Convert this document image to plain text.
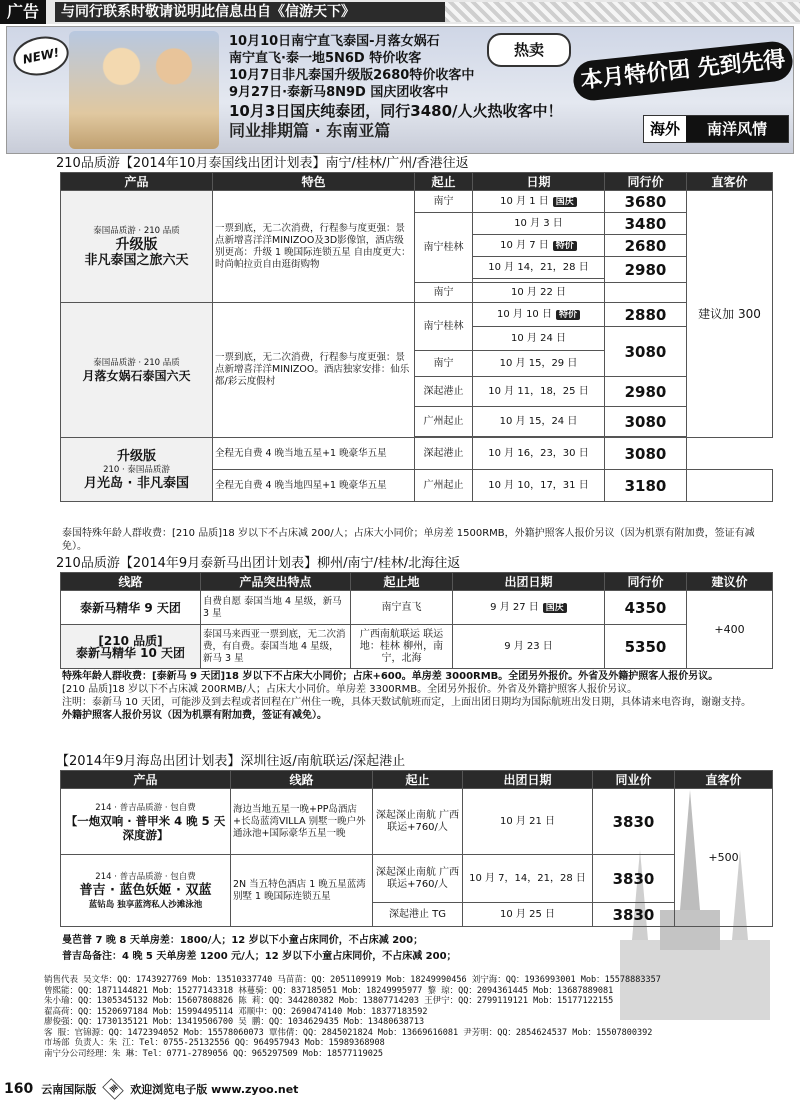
广告	与同行联系时敬请说明此信息出自《信游天下》
NEW!
10月10日南宁直飞泰国-月落女娲石
南宁直飞·泰一地5N6D 特价收客
10月7日非凡泰国升级版2680特价收客中
9月27日·泰新马8N9D 国庆团收客中
10月3日国庆纯泰团，同行3480/人火热收客中！
同业排期篇 · 东南亚篇
热卖	本月特价团 先到先得
海外	南洋风情
210品质游【2014年10月泰国线出团计划表】南宁/桂林/广州/香港往返
产品	特色	起止	日期	同行价	直客价

泰国品质游 · 210 品质
升级版
非凡泰国之旅六天	一票到底，无二次消费，行程参与度更强：景点新增喜洋洋MINIZOO及3D影像馆，酒店级别更高：升级 1 晚国际连锁五星 自由度更大：时尚帕拉贡自由逛街购物	南宁	10 月 1 日 国庆	3680	建议加 300
		南宁桂林	10 月 3 日	3480	
			10 月 7 日 特价	2680	
			10 月 14，21，28 日	2980	

		南宁	10 月 22 日		

泰国品质游 · 210 品质
月落女娲石泰国六天	一票到底，无二次消费，行程参与度更强：景点新增喜洋洋MINIZOO。酒店独家安排：仙乐都/彩云度假村	南宁桂林	10 月 10 日 特价	2880	
			10 月 24 日	3080	
		南宁	10 月 15，29 日		
		深起港止	10 月 11，18，25 日	2980	
		广州起止	10 月 15，24 日	3080	

升级版
210 · 泰国品质游
月光岛 · 非凡泰国	全程无自费 4 晚当地五星+1 晚豪华五星	深起港止	10 月 16，23，30 日	3080	
	全程无自费 4 晚当地四星+1 晚豪华五星	广州起止	10 月 10，17，31 日	3180	
泰国特殊年龄人群收费：[210 品质]18 岁以下不占床减 200/人；占床大小同价；单房差 1500RMB，外籍护照客人报价另议（因为机票有附加费，签证有减免）。
210品质游【2014年9月泰新马出团计划表】柳州/南宁/桂林/北海往返
线路	产品突出特点	起止地	出团日期	同行价	建议价
泰新马精华 9 天团	自费自愿 泰国当地 4 星级，新马 3 星	南宁直飞	9 月 27 日 国庆	4350	+400

[210 品质]
泰新马精华 10 天团	泰国马来西亚一票到底，无二次消费，有自费。泰国当地 4 星级，新马 3 星	广西南航联运 联运地：桂林 柳州，南宁，北海	9 月 23 日	5350	
特殊年龄人群收费：[泰新马 9 天团]18 岁以下不占床大小同价；占床+600。单房差 3000RMB。全团另外报价。外省及外籍护照客人报价另议。
[210 品质]18 岁以下不占床减 200RMB/人；占床大小同价。单房差 3300RMB。全团另外报价。外省及外籍护照客人报价另议。
注明：泰新马 10 天团，可能涉及到去程或者回程在广州住一晚，具体天数试航班而定，上面出团日期均为国际航班出发日期，具体请来电咨询，谢谢支持。
外籍护照客人报价另议（因为机票有附加费，签证有减免）。
【2014年9月海岛出团计划表】深圳往返/南航联运/深起港止
产品	线路	起止	出团日期	同业价	直客价

214 · 普吉品质游 · 包自费
【一炮双响 · 普甲米 4 晚 5 天深度游】	海边当地五星一晚+PP岛酒店+长岛蓝湾VILLA 别墅一晚户外通泳池+国际豪华五星一晚	深起深止南航 广西 联运+760/人	10 月 21 日	3830	+500

214 · 普吉品质游 · 包自费
普吉 · 蓝色妖姬 · 双蓝
蓝钻岛 独享蓝湾私人沙滩泳池	2N 当五特色酒店 1 晚五星蓝湾别墅 1 晚国际连锁五星	深起深止南航 广西 联运+760/人	10 月 7，14，21，28 日	3830	
		深起港止 TG	10 月 25 日	3830	
曼芭普 7 晚 8 天单房差：1800/人；12 岁以下小童占床同价，不占床减 200；
普吉岛备注：4 晚 5 天单房差 1200 元/人；12 岁以下小童占床同价，不占床减 200；
销售代表 吴文华：QQ：1743927769 Mob：13510337740 马苗苗：QQ：2051109919 Mob：18249990456 刘宁海：QQ：1936993001 Mob：15578883357
曾熙能：QQ：1871144821 Mob：15277143318 林蔓骑：QQ：837185051 Mob：18249995977 黎 琼：QQ：2094361445 Mob：13687889081
朱小瑜：QQ：1305345132 Mob：15607808826 陈 莉：QQ：344280382 Mob：13807714203 王伊宁：QQ：2799119121 Mob：15177122155
翟高荷：QQ：1520697184 Mob：15994495114 邓顺中：QQ：2690474140 Mob：18377183592
廖俊强：QQ：1730135121 Mob：13419506700 吴 鹏：QQ：1034629435 Mob：13480638713
客 服：官锦源：QQ：1472394052 Mob：15578060073 覃伟倩：QQ：2845021824 Mob：13669616081 尹芳明：QQ：2854624537 Mob：15507800392
市场部 负责人：朱 江：Tel：0755-25132556 QQ：964957943 Mob：15989368908
南宁分公司经理：朱 琳：Tel：0771-2789056 QQ：965297509 Mob：18577119025
160 云南国际版	蓝	欢迎浏览电子版 www.zyoo.net
